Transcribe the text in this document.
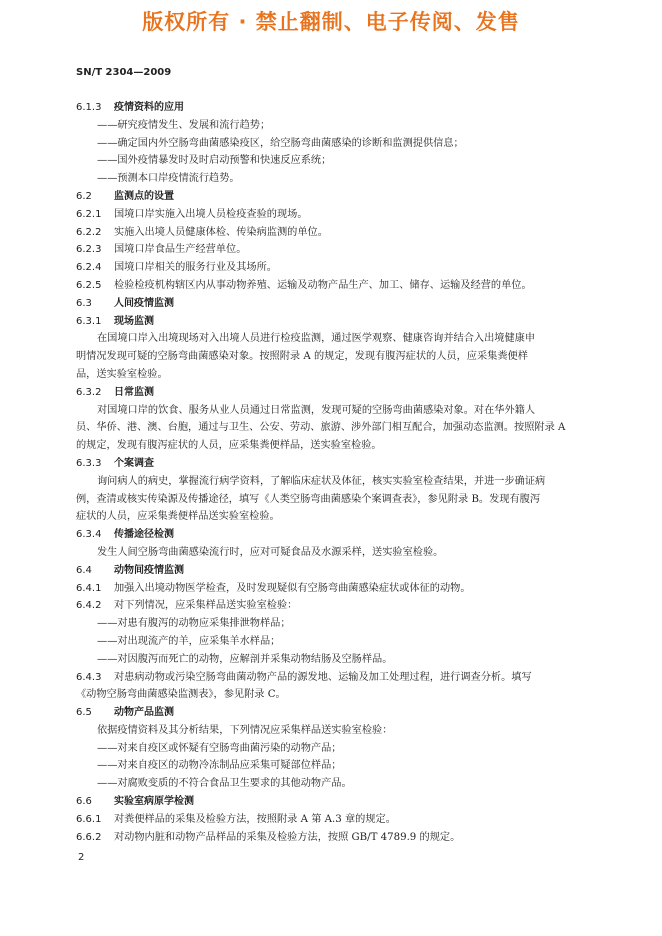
版权所有 · 禁止翻制、电子传阅、发售
SN/T 2304—2009
6.1.3 疫情资料的应用
——研究疫情发生、发展和流行趋势；
——确定国内外空肠弯曲菌感染疫区，给空肠弯曲菌感染的诊断和监测提供信息；
——国外疫情暴发时及时启动预警和快速反应系统；
——预测本口岸疫情流行趋势。
6.2 监测点的设置
6.2.1 国境口岸实施入出境人员检疫查验的现场。
6.2.2 实施入出境人员健康体检、传染病监测的单位。
6.2.3 国境口岸食品生产经营单位。
6.2.4 国境口岸相关的服务行业及其场所。
6.2.5 检验检疫机构辖区内从事动物养殖、运输及动物产品生产、加工、储存、运输及经营的单位。
6.3 人间疫情监测
6.3.1 现场监测
在国境口岸入出境现场对入出境人员进行检疫监测，通过医学观察、健康咨询并结合入出境健康申
明情况发现可疑的空肠弯曲菌感染对象。按照附录 A 的规定，发现有腹泻症状的人员，应采集粪便样
品，送实验室检验。
6.3.2 日常监测
对国境口岸的饮食、服务从业人员通过日常监测，发现可疑的空肠弯曲菌感染对象。对在华外籍人
员、华侨、港、澳、台胞，通过与卫生、公安、劳动、旅游、涉外部门相互配合，加强动态监测。按照附录 A
的规定，发现有腹泻症状的人员，应采集粪便样品，送实验室检验。
6.3.3 个案调查
询问病人的病史，掌握流行病学资料，了解临床症状及体征，核实实验室检查结果，并进一步确证病
例，查清或核实传染源及传播途径，填写《人类空肠弯曲菌感染个案调查表》，参见附录 B。发现有腹泻
症状的人员，应采集粪便样品送实验室检验。
6.3.4 传播途径检测
发生人间空肠弯曲菌感染流行时，应对可疑食品及水源采样，送实验室检验。
6.4 动物间疫情监测
6.4.1 加强入出境动物医学检查，及时发现疑似有空肠弯曲菌感染症状或体征的动物。
6.4.2 对下列情况，应采集样品送实验室检验：
——对患有腹泻的动物应采集排泄物样品；
——对出现流产的羊，应采集羊水样品；
——对因腹泻而死亡的动物，应解剖并采集动物结肠及空肠样品。
6.4.3 对患病动物或污染空肠弯曲菌动物产品的源发地、运输及加工处理过程，进行调查分析。填写
《动物空肠弯曲菌感染监测表》，参见附录 C。
6.5 动物产品监测
依据疫情资料及其分析结果，下列情况应采集样品送实验室检验：
——对来自疫区或怀疑有空肠弯曲菌污染的动物产品；
——对来自疫区的动物冷冻制品应采集可疑部位样品；
——对腐败变质的不符合食品卫生要求的其他动物产品。
6.6 实验室病原学检测
6.6.1 对粪便样品的采集及检验方法，按照附录 A 第 A.3 章的规定。
6.6.2 对动物内脏和动物产品样品的采集及检验方法，按照 GB/T 4789.9 的规定。
2
